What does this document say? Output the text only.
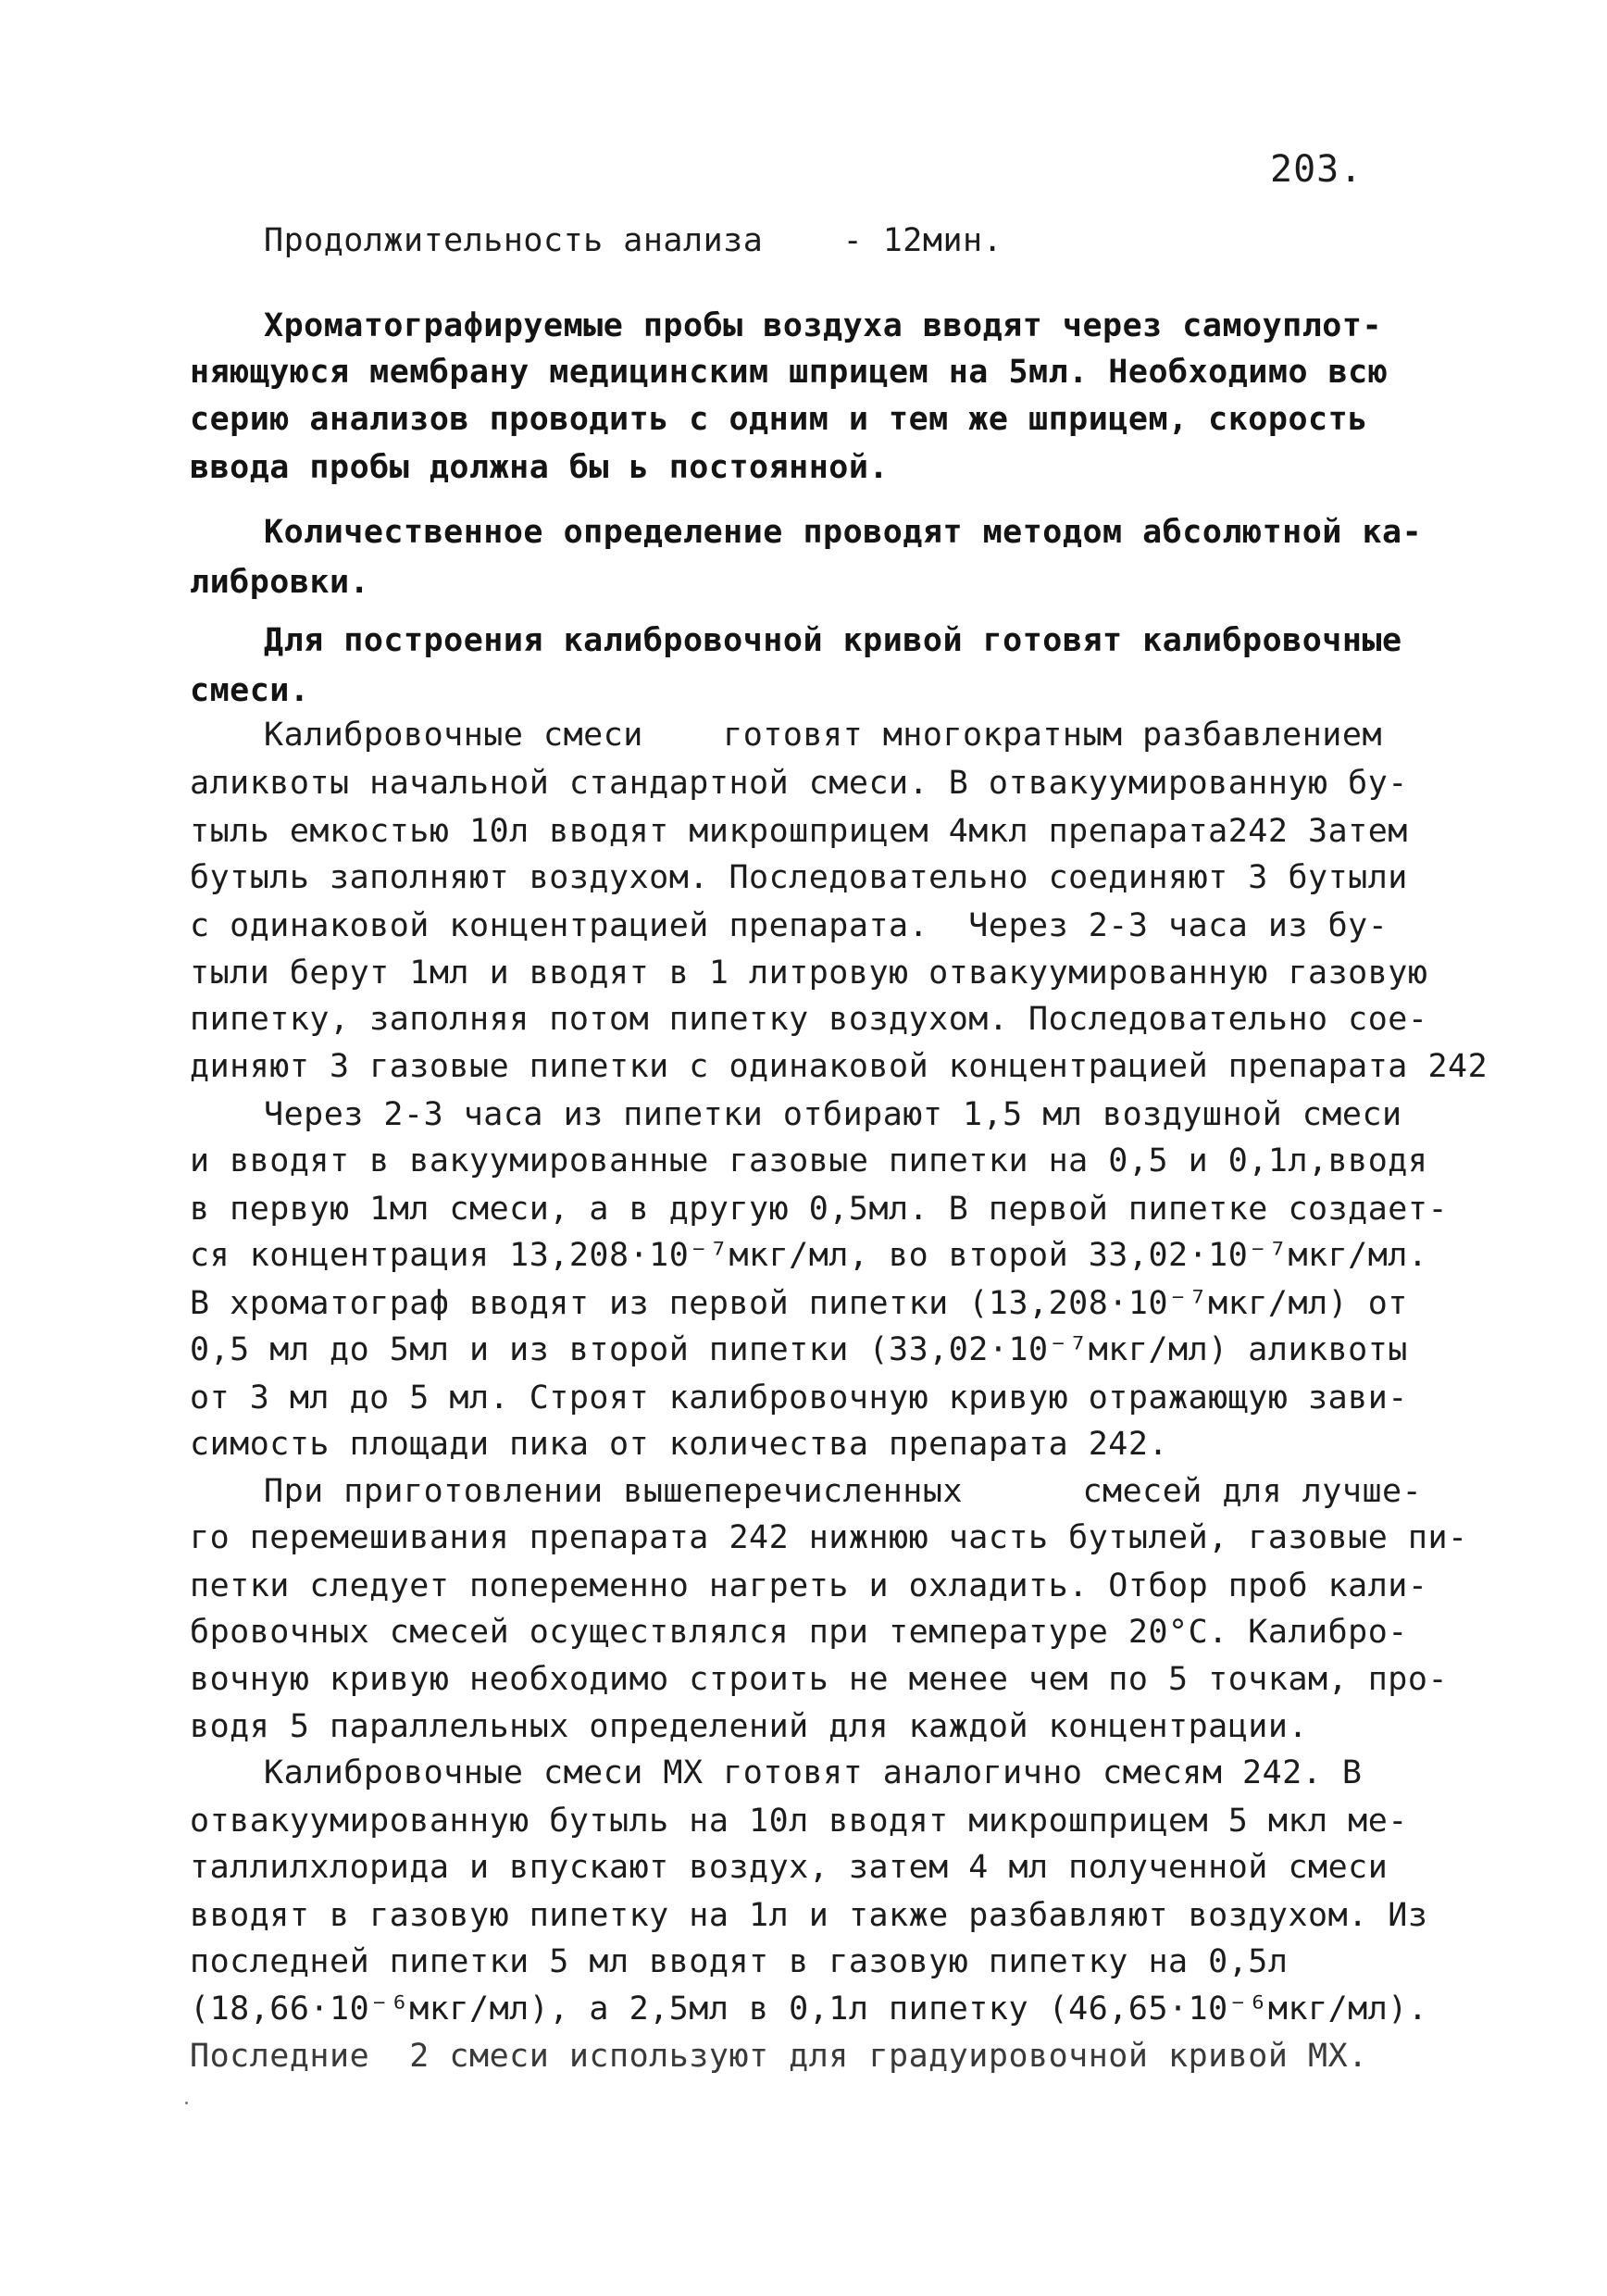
203.
Продолжительность анализа    - 12мин.
Хроматографируемые пробы воздуха вводят через самоуплот-
няющуюся мембрану медицинским шприцем на 5мл. Необходимо всю
серию анализов проводить с одним и тем же шприцем, скорость
ввода пробы должна бы ь постоянной.
Количественное определение проводят методом абсолютной ка-
либровки.
Для построения калибровочной кривой готовят калибровочные
смеси.
Калибровочные смеси    готовят многократным разбавлением
аликвоты начальной стандартной смеси. В отвакуумированную бу-
тыль емкостью 10л вводят микрошприцем 4мкл препарата242 Затем
бутыль заполняют воздухом. Последовательно соединяют 3 бутыли
с одинаковой концентрацией препарата.  Через 2-3 часа из бу-
тыли берут 1мл и вводят в 1 литровую отвакуумированную газовую
пипетку, заполняя потом пипетку воздухом. Последовательно сое-
диняют 3 газовые пипетки с одинаковой концентрацией препарата 242
Через 2-3 часа из пипетки отбирают 1,5 мл воздушной смеси
и вводят в вакуумированные газовые пипетки на 0,5 и 0,1л,вводя
в первую 1мл смеси, а в другую 0,5мл. В первой пипетке создает-
ся концентрация 13,208·10⁻⁷мкг/мл, во второй 33,02·10⁻⁷мкг/мл.
В хроматограф вводят из первой пипетки (13,208·10⁻⁷мкг/мл) от
0,5 мл до 5мл и из второй пипетки (33,02·10⁻⁷мкг/мл) аликвоты
от 3 мл до 5 мл. Строят калибровочную кривую отражающую зави-
симость площади пика от количества препарата 242.
При приготовлении вышеперечисленных      смесей для лучше-
го перемешивания препарата 242 нижнюю часть бутылей, газовые пи-
петки следует попеременно нагреть и охладить. Отбор проб кали-
бровочных смесей осуществлялся при температуре 20°С. Калибро-
вочную кривую необходимо строить не менее чем по 5 точкам, про-
водя 5 параллельных определений для каждой концентрации.
Калибровочные смеси МХ готовят аналогично смесям 242. В
отвакуумированную бутыль на 10л вводят микрошприцем 5 мкл ме-
таллилхлорида и впускают воздух, затем 4 мл полученной смеси
вводят в газовую пипетку на 1л и также разбавляют воздухом. Из
последней пипетки 5 мл вводят в газовую пипетку на 0,5л
(18,66·10⁻⁶мкг/мл), а 2,5мл в 0,1л пипетку (46,65·10⁻⁶мкг/мл).
Последние  2 смеси используют для градуировочной кривой МХ.
